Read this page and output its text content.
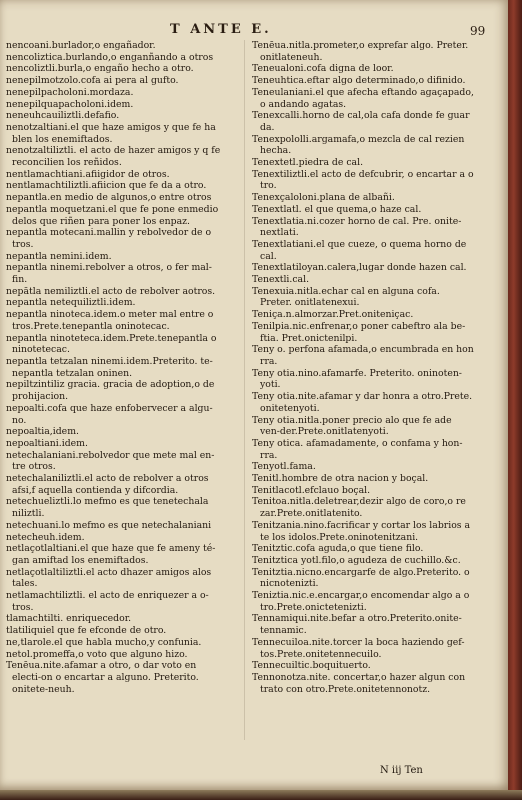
T ANTE E.	99

nencoani.burlador,o engañador.

nencoliztica.burlando,o enganñando a otros

nencoliztli.burla,o engaño hecho a otro.

nenepilmotzolo.cofa ai pera al gufto.

nenepilpacholoni.mordaza.

nenepilquapacholoni.idem.

neneuhcauiliztli.defafio.

nenotzaltiani.el que haze amigos y que fe ha blen los enemiftados.

nenotzaltiliztli. el acto de hazer amigos y q fe reconcilien los reñidos.

nentlamachtiani.afiigidor de otros.

nentlamachtiliztli.afiicion que fe da a otro.

nepantla.en medio de algunos,o entre otros

nepantla moquetzani.el que fe pone enmedio delos que riñen para poner los enpaz.

nepantla motecani.mallin y rebolvedor de o tros.

nepantla nemini.idem.

nepantla ninemi.rebolver a otros, o fer mal-fin.

nepātla nemiliztli.el acto de rebolver aotros.

nepantla netequiliztli.idem.

nepantla ninoteca.idem.o meter mal entre o tros.Prete.tenepantla oninotecac.

nepantla ninoteteca.idem.Prete.tenepantla o ninotetecac.

nepantla tetzalan ninemi.idem.Preterito. te-nepantla tetzalan oninen.

nepiltzintiliz gracia. gracia de adoption,o de prohijacion.

nepoalti.cofa que haze enfobervecer a algu-no.

nepoaltia,idem.

nepoaltiani.idem.

netechalaniani.rebolvedor que mete mal en-tre otros.

netechalaniliztli.el acto de rebolver a otros afsi,f aquella contienda y difcordia.

netechueliztli.lo mefmo es que tenetechala niliztli.

netechuani.lo mefmo es que netechalaniani

netecheuh.idem.

netlaçotlaltiani.el que haze que fe ameny té-gan amiftad los enemiftados.

netlaçotlaltiliztli.el acto dhazer amigos alos tales.

netlamachtiliztli. el acto de enriquezer a o-tros.

tlamachtilti. enriquecedor.

tlatiliquiel que fe efconde de otro.

ne,tlarole.el que habla mucho,y confunia.

netol.promeffa,o voto que alguno hizo.

Tenēua.nite.afamar a otro, o dar voto en electi-on o encartar a alguno. Preterito. onitete-neuh.

Tenēua.nitla.prometer,o exprefar algo. Preter. onitlateneuh.

Teneualoni.cofa digna de loor.

Teneuhtica.eftar algo determinado,o difinido.

Teneulaniani.el que afecha eftando agaçapado, o andando agatas.

Tenexcalli.horno de cal,ola cafa donde fe guar da.

Tenexpololli.argamafa,o mezcla de cal rezien hecha.

Tenextetl.piedra de cal.

Tenextiliztli.el acto de defcubrir, o encartar a o tro.

Tenexçaloloni.plana de albañi.

Tenextlatl. el que quema,o haze cal.

Tenextlatia.ni.cozer horno de cal. Pre. onite-nextlati.

Tenextlatiani.el que cueze, o quema horno de cal.

Tenextlatiloyan.calera,lugar donde hazen cal.

Tenextli.cal.

Tenexuia.nitla.echar cal en alguna cofa. Preter. onitlatenexui.

Teniça.n.almorzar.Pret.oniteniçac.

Tenilpia.nic.enfrenar,o poner cabeftro ala be-ftia. Pret.onictenilpi.

Teny o. perfona afamada,o encumbrada en hon rra.

Teny otia.nino.afamarfe. Preterito. oninoten-yoti.

Teny otia.nite.afamar y dar honra a otro.Prete. onitetenyoti.

Teny otia.nitla.poner precio alo que fe ade ven-der.Prete.onitlatenyoti.

Teny otica. afamadamente, o confama y hon-rra.

Tenyotl.fama.

Tenitl.hombre de otra nacion y boçal.

Tenitlacotl.efclauo boçal.

Tenitoa.nitla.deletrear,dezir algo de coro,o re zar.Prete.onitlatenito.

Tenitzania.nino.facrificar y cortar los labrios a te los idolos.Prete.oninotenitzani.

Tenitztic.cofa aguda,o que tiene filo.

Tenitztica yotl.filo,o agudeza de cuchillo.&c.

Tenitztia.nicno.encargarfe de algo.Preterito. o nicnotenizti.

Teniztia.nic.e.encargar,o encomendar algo a o tro.Prete.onictetenizti.

Tennamiqui.nite.befar a otro.Preterito.onite-tennamic.

Tennecuiloa.nite.torcer la boca haziendo gef-tos.Prete.onitetennecuilo.

Tennecuiltic.boquituerto.

Tennonotza.nite. concertar,o hazer algun con trato con otro.Prete.onitetennonotz.

N iij Ten
